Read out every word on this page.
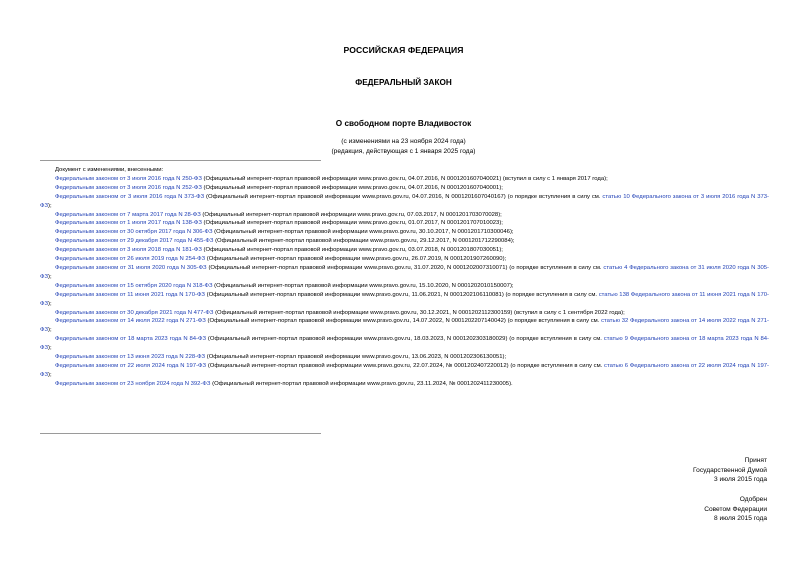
РОССИЙСКАЯ ФЕДЕРАЦИЯ
ФЕДЕРАЛЬНЫЙ ЗАКОН
О свободном порте Владивосток
(с изменениями на 23 ноября 2024 года)
(редакция, действующая с 1 января 2025 года)

Документ с изменениями, внесенными:

Федеральным законом от 3 июля 2016 года N 250-ФЗ (Официальный интернет-портал правовой информации www.pravo.gov.ru, 04.07.2016, N 0001201607040021) (вступил в силу с 1 января 2017 года);

Федеральным законом от 3 июля 2016 года N 252-ФЗ (Официальный интернет-портал правовой информации www.pravo.gov.ru, 04.07.2016, N 0001201607040001);

Федеральным законом от 3 июля 2016 года N 373-ФЗ (Официальный интернет-портал правовой информации www.pravo.gov.ru, 04.07.2016, N 0001201607040167) (о порядке вступления в силу см. статью 10 Федерального закона от 3 июля 2016 года N 373-ФЗ);

Федеральным законом от 7 марта 2017 года N 28-ФЗ (Официальный интернет-портал правовой информации www.pravo.gov.ru, 07.03.2017, N 0001201703070028);

Федеральным законом от 1 июля 2017 года N 138-ФЗ (Официальный интернет-портал правовой информации www.pravo.gov.ru, 01.07.2017, N 0001201707010023);

Федеральным законом от 30 октября 2017 года N 306-ФЗ (Официальный интернет-портал правовой информации www.pravo.gov.ru, 30.10.2017, N 0001201710300046);

Федеральным законом от 29 декабря 2017 года N 455-ФЗ (Официальный интернет-портал правовой информации www.pravo.gov.ru, 29.12.2017, N 0001201712290084);

Федеральным законом от 3 июля 2018 года N 181-ФЗ (Официальный интернет-портал правовой информации www.pravo.gov.ru, 03.07.2018, N 0001201807030051);

Федеральным законом от 26 июля 2019 года N 254-ФЗ (Официальный интернет-портал правовой информации www.pravo.gov.ru, 26.07.2019, N 0001201907260090);

Федеральным законом от 31 июля 2020 года N 305-ФЗ (Официальный интернет-портал правовой информации www.pravo.gov.ru, 31.07.2020, N 0001202007310071) (о порядке вступления в силу см. статью 4 Федерального закона от 31 июля 2020 года N 305-ФЗ);

Федеральным законом от 15 октября 2020 года N 318-ФЗ (Официальный интернет-портал правовой информации www.pravo.gov.ru, 15.10.2020, N 0001202010150007);

Федеральным законом от 11 июня 2021 года N 170-ФЗ (Официальный интернет-портал правовой информации www.pravo.gov.ru, 11.06.2021, N 0001202106110081) (о порядке вступления в силу см. статью 138 Федерального закона от 11 июня 2021 года N 170-ФЗ);

Федеральным законом от 30 декабря 2021 года N 477-ФЗ (Официальный интернет-портал правовой информации www.pravo.gov.ru, 30.12.2021, N 0001202112300159) (вступил в силу с 1 сентября 2022 года);

Федеральным законом от 14 июля 2022 года N 271-ФЗ (Официальный интернет-портал правовой информации www.pravo.gov.ru, 14.07.2022, N 0001202207140042) (о порядке вступления в силу см. статью 32 Федерального закона от 14 июля 2022 года N 271-ФЗ);

Федеральным законом от 18 марта 2023 года N 84-ФЗ (Официальный интернет-портал правовой информации www.pravo.gov.ru, 18.03.2023, N 0001202303180029) (о порядке вступления в силу см. статью 9 Федерального закона от 18 марта 2023 года N 84-ФЗ);

Федеральным законом от 13 июня 2023 года N 228-ФЗ (Официальный интернет-портал правовой информации www.pravo.gov.ru, 13.06.2023, N 0001202306130051);

Федеральным законом от 22 июля 2024 года N 197-ФЗ (Официальный интернет-портал правовой информации www.pravo.gov.ru, 22.07.2024, № 0001202407220012) (о порядке вступления в силу см. статью 6 Федерального закона от 22 июля 2024 года N 197-ФЗ);

Федеральным законом от 23 ноября 2024 года N 392-ФЗ (Официальный интернет-портал правовой информации www.pravo.gov.ru, 23.11.2024, № 0001202411230005).

Принят
Государственной Думой
3 июля 2015 года
Одобрен
Советом Федерации
8 июля 2015 года
